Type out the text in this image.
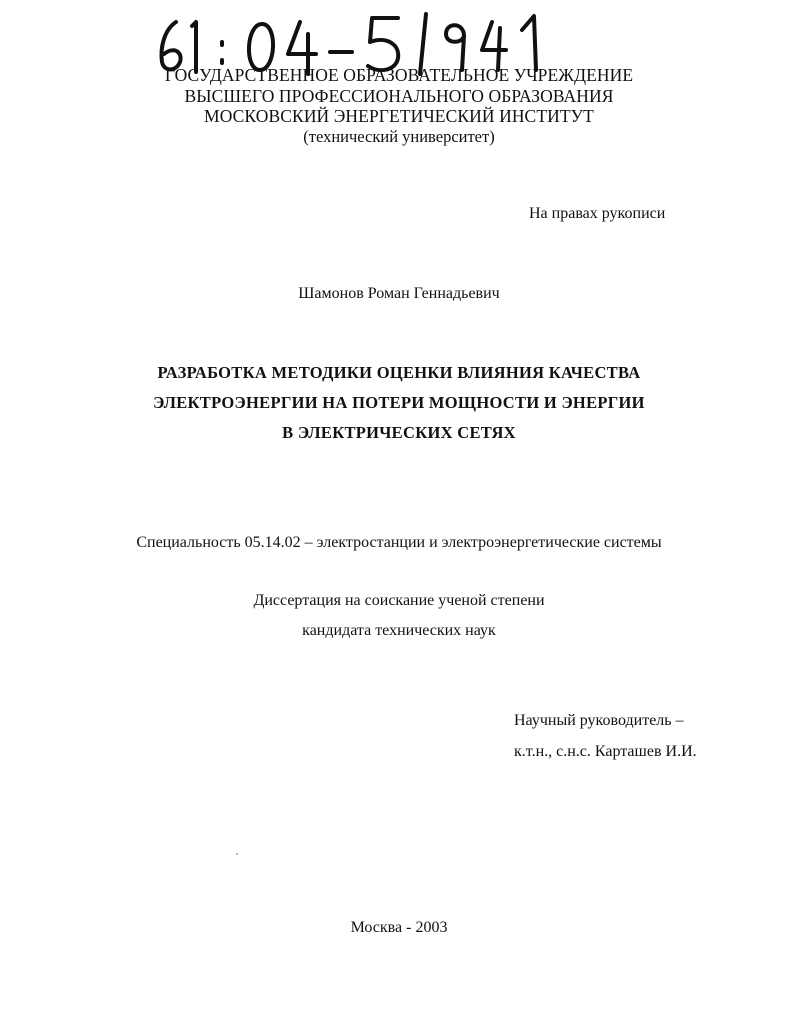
ГОСУДАРСТВЕННОЕ ОБРАЗОВАТЕЛЬНОЕ УЧРЕЖДЕНИЕ
ВЫСШЕГО ПРОФЕССИОНАЛЬНОГО ОБРАЗОВАНИЯ
МОСКОВСКИЙ ЭНЕРГЕТИЧЕСКИЙ ИНСТИТУТ
(технический университет)
На правах рукописи
Шамонов Роман Геннадьевич
РАЗРАБОТКА МЕТОДИКИ ОЦЕНКИ ВЛИЯНИЯ КАЧЕСТВА
ЭЛЕКТРОЭНЕРГИИ НА ПОТЕРИ МОЩНОСТИ И ЭНЕРГИИ
В ЭЛЕКТРИЧЕСКИХ СЕТЯХ
Специальность 05.14.02 – электростанции и электроэнергетические системы
Диссертация на соискание ученой степени
кандидата технических наук
Научный руководитель –
к.т.н., с.н.с. Карташев И.И.
Москва - 2003
